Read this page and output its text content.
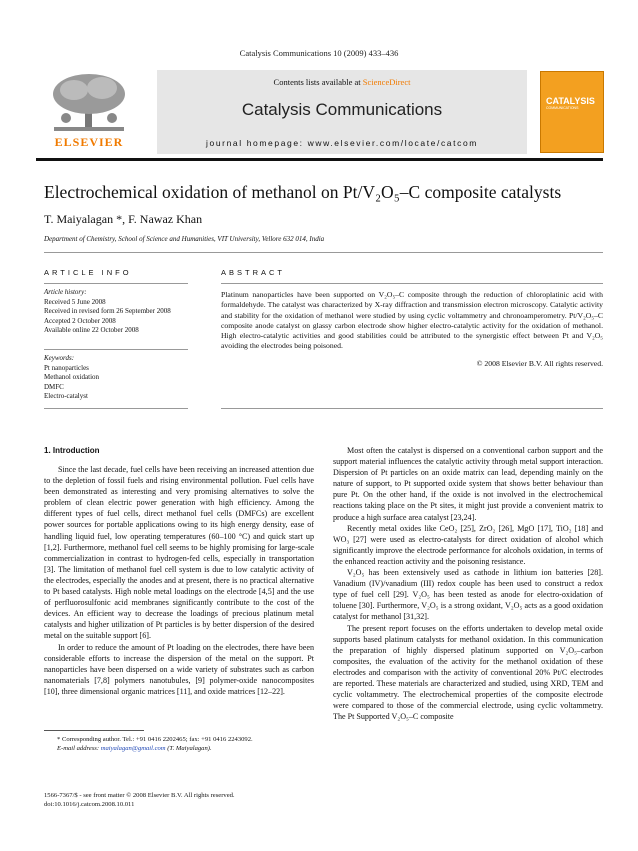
Catalysis Communications 10 (2009) 433–436
Contents lists available at ScienceDirect
Catalysis Communications
journal homepage: www.elsevier.com/locate/catcom
ELSEVIER
CATALYSIS
COMMUNICATIONS
Electrochemical oxidation of methanol on Pt/V₂O₅–C composite catalysts
T. Maiyalagan *, F. Nawaz Khan
Department of Chemistry, School of Science and Humanities, VIT University, Vellore 632 014, India
ARTICLE INFO
Article history:
Received 5 June 2008
Received in revised form 26 September 2008
Accepted 2 October 2008
Available online 22 October 2008
Keywords:
Pt nanoparticles
Methanol oxidation
DMFC
Electro-catalyst
ABSTRACT
Platinum nanoparticles have been supported on V₂O₅–C composite through the reduction of chloroplatinic acid with formaldehyde. The catalyst was characterized by X-ray diffraction and transmission electron microscopy. Catalytic activity and stability for the oxidation of methanol were studied by using cyclic voltammetry and chronoamperometry. Pt/V₂O₅–C composite anode catalyst on glassy carbon electrode show higher electro-catalytic activity for the oxidation of methanol. High electro-catalytic activities and good stabilities could be attributed to the synergistic effect between Pt and V₂O₅ avoiding the electrodes being poisoned.
© 2008 Elsevier B.V. All rights reserved.
1. Introduction

Since the last decade, fuel cells have been receiving an increased attention due to the depletion of fossil fuels and rising environmental pollution. Fuel cells have been demonstrated as interesting and very promising alternatives to solve the problem of clean electric power generation with high efficiency. Among the different types of fuel cells, direct methanol fuel cells (DMFCs) are excellent power sources for portable applications owing to its high energy density, ease of handling liquid fuel, low operating temperatures (60–100 °C) and quick start up [1,2]. Furthermore, methanol fuel cell seems to be highly promising for large-scale commercialization in contrast to hydrogen-fed cells, especially in transportation [3]. The limitation of methanol fuel cell system is due to low catalytic activity of the electrodes, especially the anodes and at present, there is no practical alternative to Pt based catalysts. High noble metal loadings on the electrode [4,5] and the use of perfluorosulfonic acid membranes significantly contribute to the cost of the devices. An efficient way to decrease the loadings of precious platinum metal catalysts and higher utilization of Pt particles is by better dispersion of the desired metal on the suitable support [6].

In order to reduce the amount of Pt loading on the electrodes, there have been considerable efforts to increase the dispersion of the metal on the support. Pt nanoparticles have been dispersed on a wide variety of substrates such as carbon nanomaterials [7,8] polymers nanotubules, [9] polymer-oxide nanocomposites [10], three dimensional organic matrices [11], and oxide matrices [12–22].

Most often the catalyst is dispersed on a conventional carbon support and the support material influences the catalytic activity through metal support interaction. Dispersion of Pt particles on an oxide matrix can lead, depending mainly on the nature of support, to Pt supported oxide system that shows better behaviour than pure Pt. On the other hand, if the oxide is not involved in the electrochemical reactions taking place on the Pt sites, it might just provide a convenient matrix to produce a high surface area catalyst [23,24].

Recently metal oxides like CeO₂ [25], ZrO₂ [26], MgO [17], TiO₂ [18] and WO₃ [27] were used as electro-catalysts for direct oxidation of alcohol which significantly improve the electrode performance for alcohols oxidation, in terms of the enhanced reaction activity and the poisoning resistance.

V₂O₅ has been extensively used as cathode in lithium ion batteries [28]. Vanadium (IV)/vanadium (III) redox couple has been used to construct a redox type of fuel cell [29]. V₂O₅ has been tested as anode for electro-oxidation of toluene [30]. Furthermore, V₂O₅ is a strong oxidant, V₂O₅ acts as a good oxidation catalyst for methanol [31,32].

The present report focuses on the efforts undertaken to develop metal oxide supports based platinum catalysts for methanol oxidation. In this communication the preparation of highly dispersed platinum supported on V₂O₅–carbon composites, the evaluation of the activity for the methanol oxidation of these electrodes and comparison with the activity of conventional 20% Pt/C electrodes are reported. These materials are characterized and studied, using XRD, TEM and cyclic voltammetry. The electrochemical properties of the composite electrode were compared to those of the commercial electrode, using cyclic voltammetry. The Pt Supported V₂O₅–C composite

* Corresponding author. Tel.: +91 0416 2202465; fax: +91 0416 2243092.
E-mail address: maiyalagan@gmail.com (T. Maiyalagan).
1566-7367/$ - see front matter © 2008 Elsevier B.V. All rights reserved.
doi:10.1016/j.catcom.2008.10.011
